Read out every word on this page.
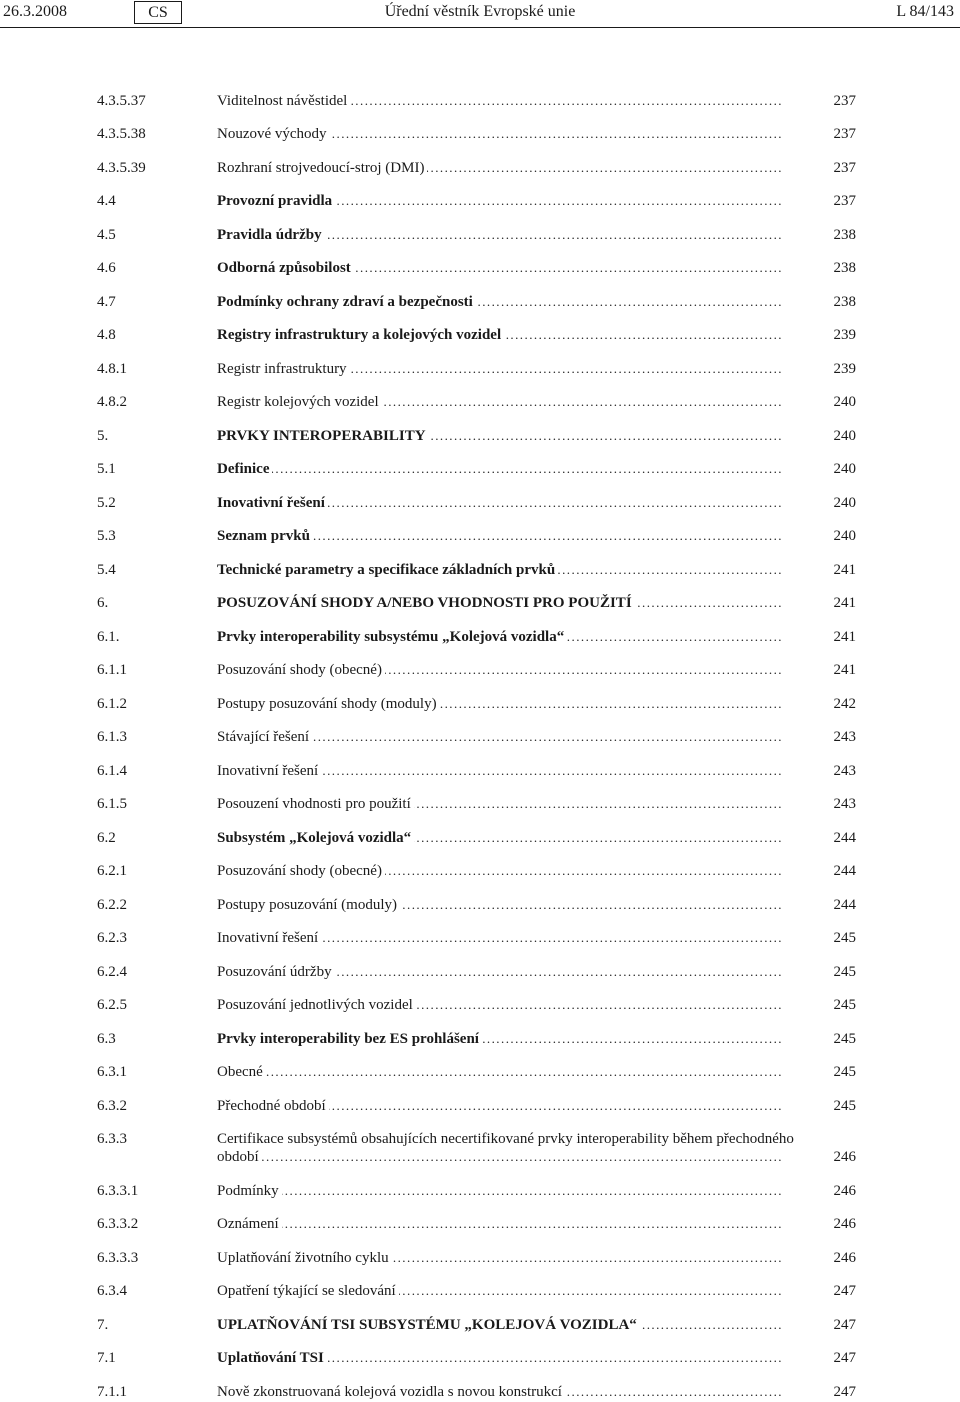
26.3.2008	CS	Úřední věstník Evropské unie	L 84/143
4.3.5.37	Viditelnost návěstidel . . .	237
4.3.5.38	Nouzové východy . . .	237
4.3.5.39	Rozhraní strojvedoucí-stroj (DMI) . . .	237
4.4	Provozní pravidla . . .	237
4.5	Pravidla údržby . . .	238
4.6	Odborná způsobilost . . .	238
4.7	Podmínky ochrany zdraví a bezpečnosti . . .	238
4.8	Registry infrastruktury a kolejových vozidel . . .	239
4.8.1	Registr infrastruktury . . .	239
4.8.2	Registr kolejových vozidel . . .	240
5.	PRVKY INTEROPERABILITY . . .	240
5.1	Definice . . .	240
5.2	Inovativní řešení . . .	240
5.3	Seznam prvků . . .	240
5.4	Technické parametry a specifikace základních prvků . . .	241
6.	POSUZOVÁNÍ SHODY A/NEBO VHODNOSTI PRO POUŽITÍ . . .	241
6.1.	Prvky interoperability subsystému „Kolejová vozidla“ . . .	241
6.1.1	Posuzování shody (obecné) . . .	241
6.1.2	Postupy posuzování shody (moduly) . . .	242
6.1.3	Stávající řešení . . .	243
6.1.4	Inovativní řešení . . .	243
6.1.5	Posouzení vhodnosti pro použití . . .	243
6.2	Subsystém „Kolejová vozidla“ . . .	244
6.2.1	Posuzování shody (obecné) . . .	244
6.2.2	Postupy posuzování (moduly) . . .	244
6.2.3	Inovativní řešení . . .	245
6.2.4	Posuzování údržby . . .	245
6.2.5	Posuzování jednotlivých vozidel . . .	245
6.3	Prvky interoperability bez ES prohlášení . . .	245
6.3.1	Obecné . . .	245
6.3.2	Přechodné období . . .	245
6.3.3	Certifikace subsystémů obsahujících necertifikované prvky interoperability během přechodného
období . . .	246
6.3.3.1	Podmínky . . .	246
6.3.3.2	Oznámení . . .	246
6.3.3.3	Uplatňování životního cyklu . . .	246
6.3.4	Opatření týkající se sledování . . .	247
7.	UPLATŇOVÁNÍ TSI SUBSYSTÉMU „KOLEJOVÁ VOZIDLA“ . . .	247
7.1	Uplatňování TSI . . .	247
7.1.1	Nově zkonstruovaná kolejová vozidla s novou konstrukcí . . .	247
